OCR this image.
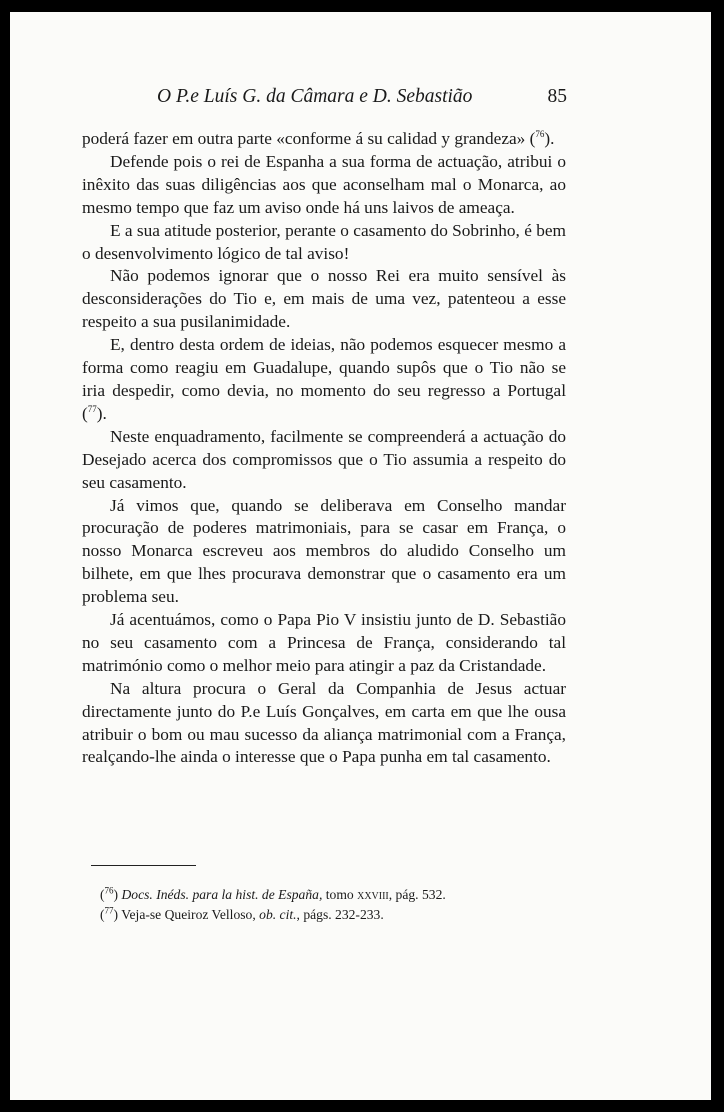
O P.e Luís G. da Câmara e D. Sebastião	85

poderá fazer em outra parte «conforme á su calidad y grandeza» ($^{76}$).

Defende pois o rei de Espanha a sua forma de actuação, atribui o inêxito das suas diligências aos que aconselham mal o Monarca, ao mesmo tempo que faz um aviso onde há uns laivos de ameaça.

E a sua atitude posterior, perante o casamento do Sobrinho, é bem o desenvolvimento lógico de tal aviso!

Não podemos ignorar que o nosso Rei era muito sensível às desconsiderações do Tio e, em mais de uma vez, patenteou a esse respeito a sua pusilanimidade.

E, dentro desta ordem de ideias, não podemos esquecer mesmo a forma como reagiu em Guadalupe, quando supôs que o Tio não se iria despedir, como devia, no momento do seu regresso a Portugal ($^{77}$).

Neste enquadramento, facilmente se compreenderá a actuação do Desejado acerca dos compromissos que o Tio assumia a respeito do seu casamento.

Já vimos que, quando se deliberava em Conselho mandar procuração de poderes matrimoniais, para se casar em França, o nosso Monarca escreveu aos membros do aludido Conselho um bilhete, em que lhes procurava demonstrar que o casamento era um problema seu.

Já acentuámos, como o Papa Pio V insistiu junto de D. Sebastião no seu casamento com a Princesa de França, considerando tal matrimónio como o melhor meio para atingir a paz da Cristandade.

Na altura procura o Geral da Companhia de Jesus actuar directamente junto do P.e Luís Gonçalves, em carta em que lhe ousa atribuir o bom ou mau sucesso da aliança matrimonial com a França, realçando-lhe ainda o interesse que o Papa punha em tal casamento.

($^{76}$) Docs. Inéds. para la hist. de España, tomo xxviii, pág. 532.

($^{77}$) Veja-se Queiroz Velloso, ob. cit., págs. 232-233.
